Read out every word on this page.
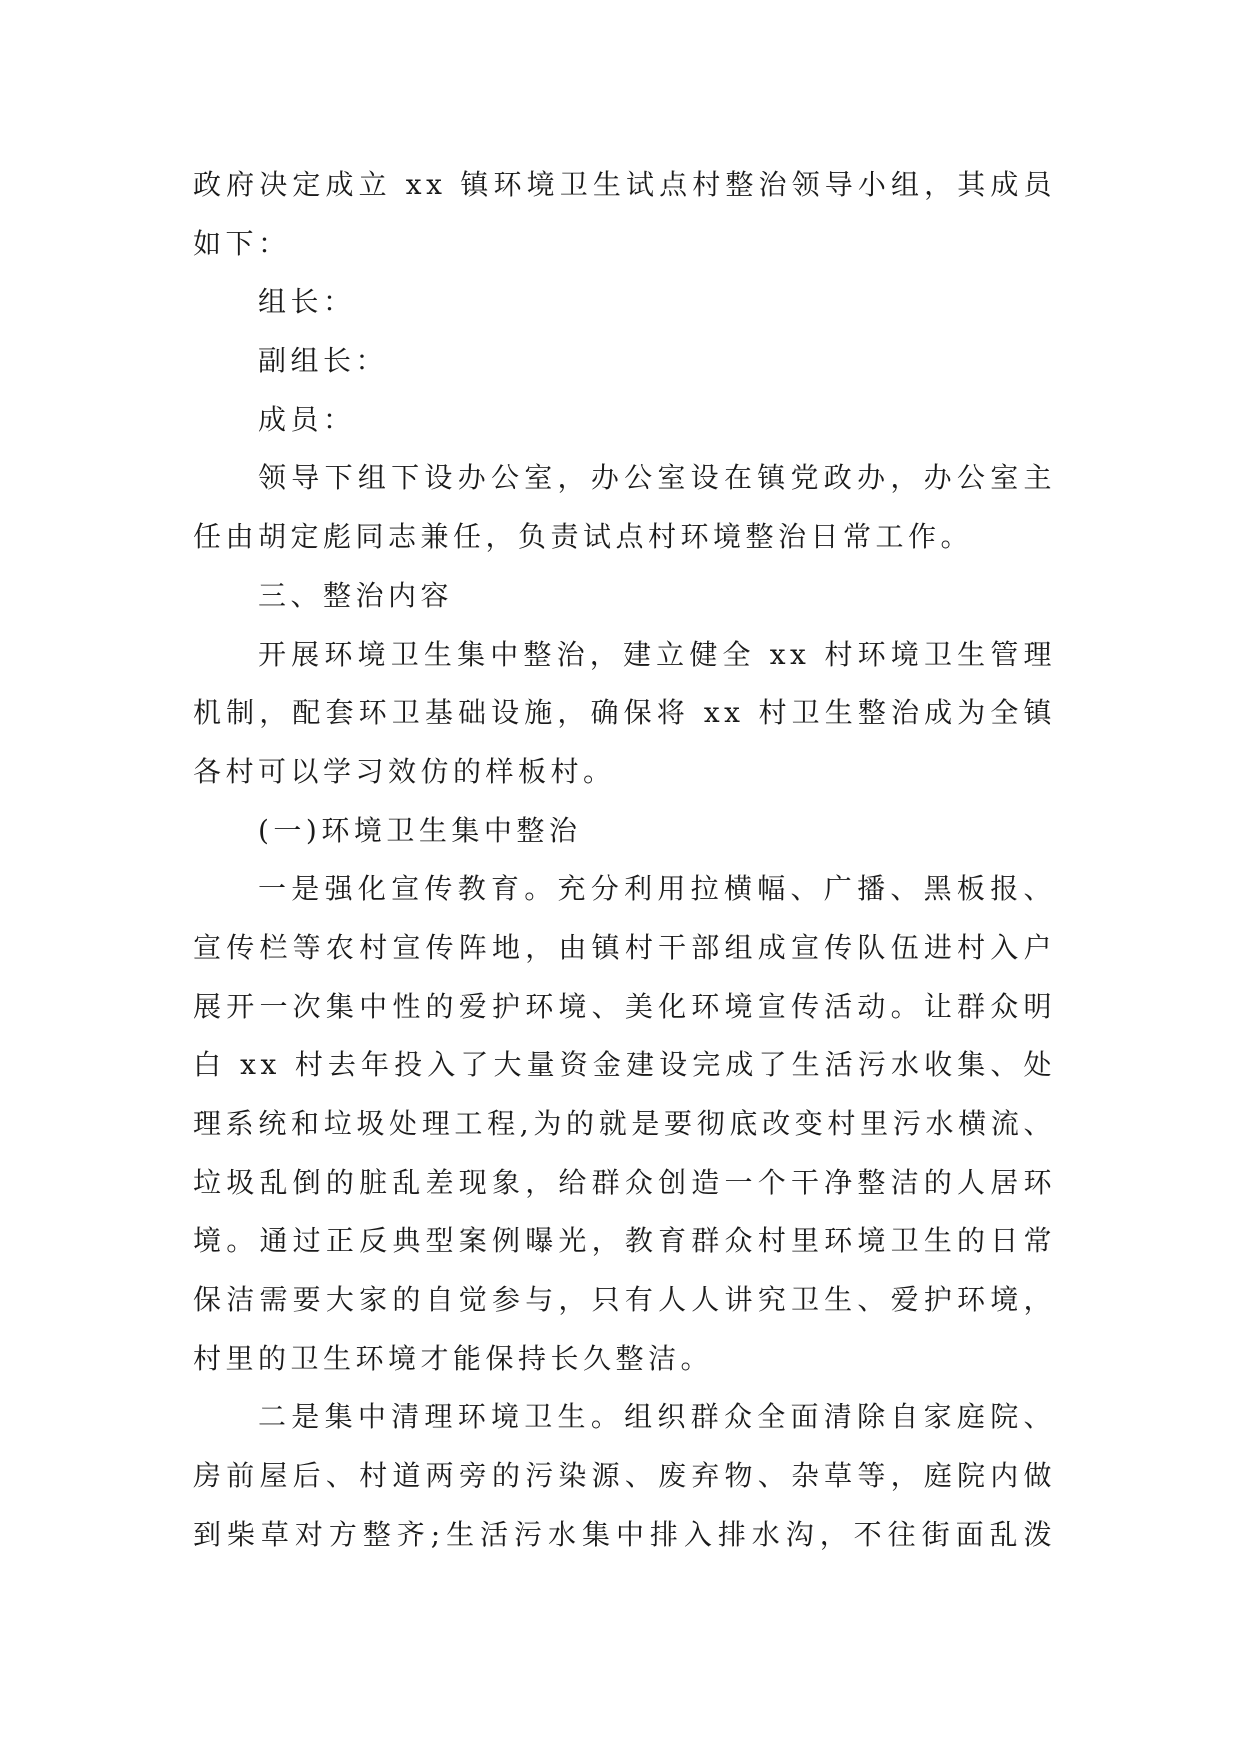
政府决定成立 xx 镇环境卫生试点村整治领导小组，其成员
如下：
组长：
副组长：
成员：
领导下组下设办公室，办公室设在镇党政办，办公室主
任由胡定彪同志兼任，负责试点村环境整治日常工作。
三、整治内容
开展环境卫生集中整治，建立健全 xx 村环境卫生管理
机制，配套环卫基础设施，确保将 xx 村卫生整治成为全镇
各村可以学习效仿的样板村。
(一)环境卫生集中整治
一是强化宣传教育。充分利用拉横幅、广播、黑板报、
宣传栏等农村宣传阵地，由镇村干部组成宣传队伍进村入户
展开一次集中性的爱护环境、美化环境宣传活动。让群众明
白 xx 村去年投入了大量资金建设完成了生活污水收集、处
理系统和垃圾处理工程,为的就是要彻底改变村里污水横流、
垃圾乱倒的脏乱差现象，给群众创造一个干净整洁的人居环
境。通过正反典型案例曝光，教育群众村里环境卫生的日常
保洁需要大家的自觉参与，只有人人讲究卫生、爱护环境，
村里的卫生环境才能保持长久整洁。
二是集中清理环境卫生。组织群众全面清除自家庭院、
房前屋后、村道两旁的污染源、废弃物、杂草等，庭院内做
到柴草对方整齐;生活污水集中排入排水沟，不往街面乱泼
